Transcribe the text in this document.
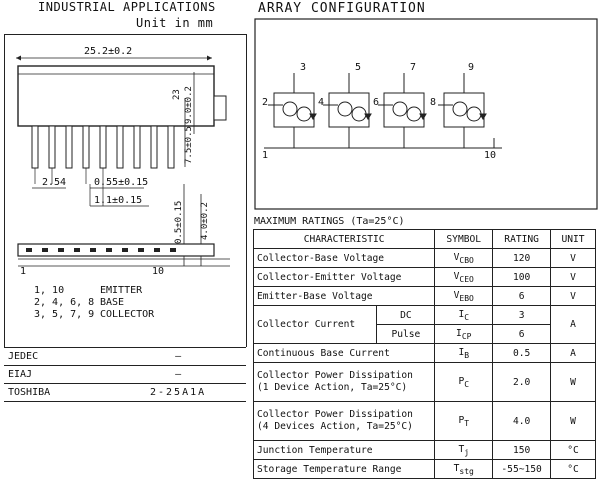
INDUSTRIAL APPLICATIONS
Unit in mm
ARRAY CONFIGURATION
25.2±0.2
23 9.0±0.2
7.5±0.5
2.54	0.55±0.15
1.1±0.15
0.5±0.15 4.0±0.2
1	10
1, 10	EMITTER
2, 4, 6, 8 BASE
3, 5, 7, 9 COLLECTOR
JEDEC	—
EIAJ	—
TOSHIBA	2-25A1A
3	5	7	9
2	4	6	8
1	10
MAXIMUM RATINGS (Ta=25°C)
CHARACTERISTIC		SYMBOL	RATING	UNIT
Collector-Base Voltage		$V_{CBO}$	120	V
Collector-Emitter Voltage		$V_{CEO}$	100	V
Emitter-Base Voltage		$V_{EBO}$	6	V
Collector Current	DC	$I_C$	3	A
	Pulse	$I_{CP}$	6	
Continuous Base Current		$I_B$	0.5	A
Collector Power Dissipation
(1 Device Action, Ta=25°C)		$P_C$	2.0	W
Collector Power Dissipation
(4 Devices Action, Ta=25°C)		$P_T$	4.0	W
Junction Temperature		$T_j$	150	°C
Storage Temperature Range		$T_{stg}$	-55~150	°C
